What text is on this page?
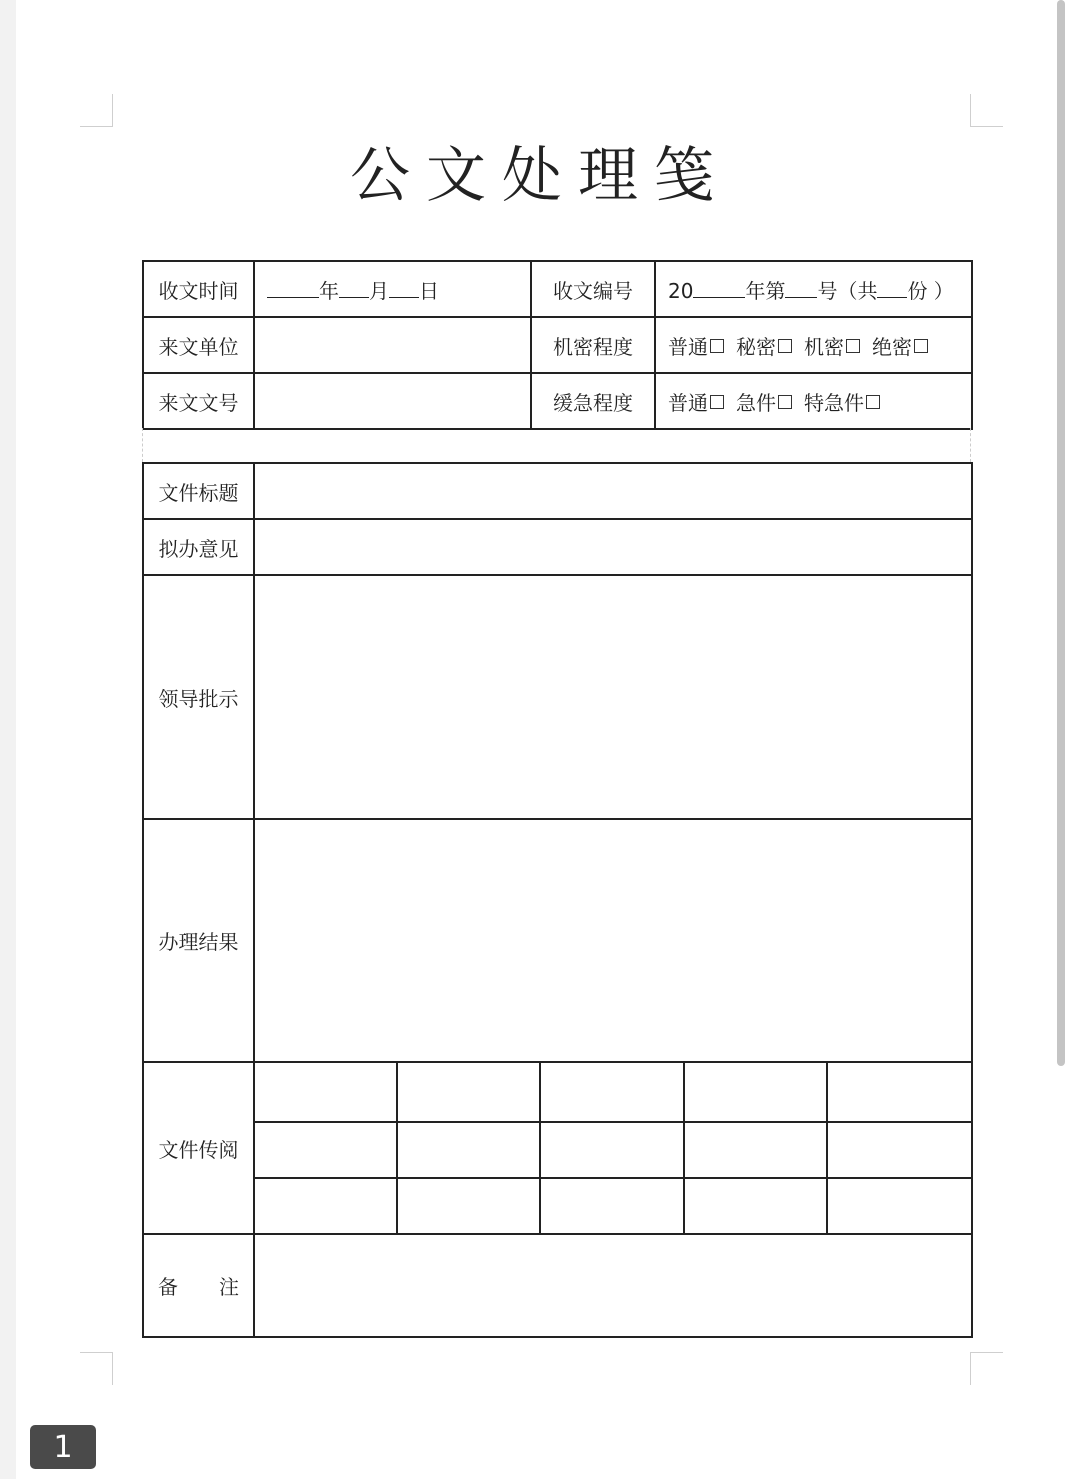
公文处理笺
收文时间	年 月 日	收文编号	20 年第 号（共 份 ）
来文单位		机密程度	普通 秘密 机密 绝密
来文文号		缓急程度	普通 急件 特急件
文件标题					
拟办意见					
领导批示					
办理结果					
文件传阅					

备 注					

1
